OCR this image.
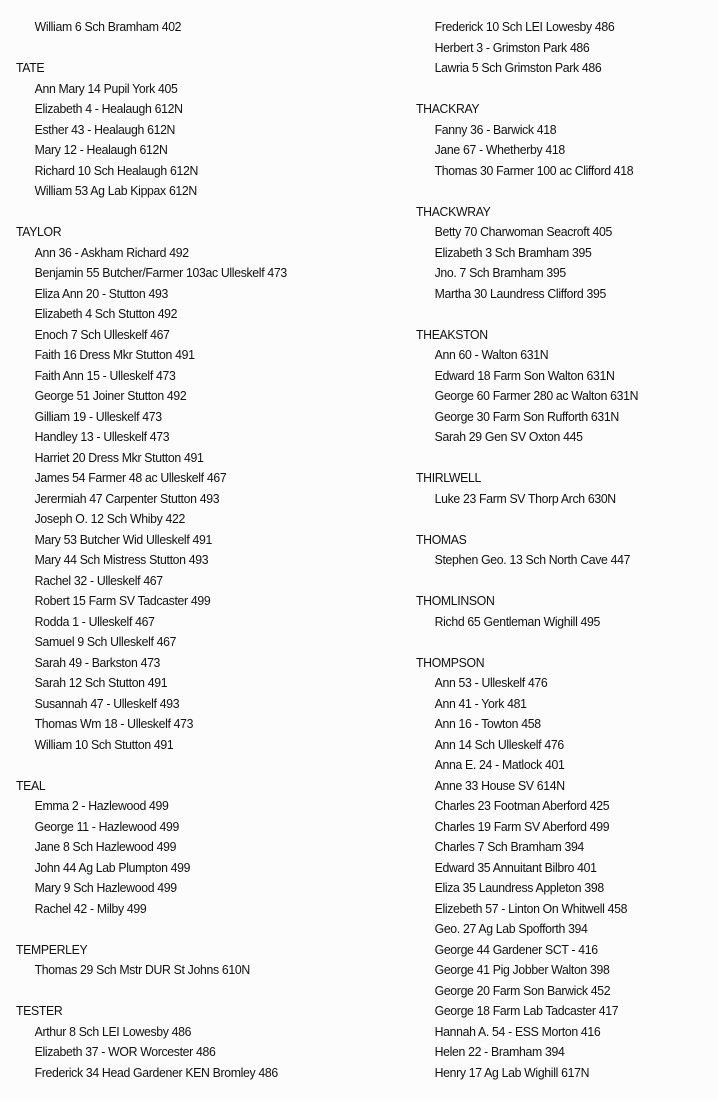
William 6 Sch Bramham 402
TATE
Ann Mary 14 Pupil York 405
Elizabeth 4 - Healaugh 612N
Esther 43 - Healaugh 612N
Mary 12 - Healaugh 612N
Richard 10 Sch Healaugh 612N
William 53 Ag Lab Kippax 612N
TAYLOR
Ann 36 - Askham Richard 492
Benjamin 55 Butcher/Farmer 103ac Ulleskelf 473
Eliza Ann 20 - Stutton 493
Elizabeth 4 Sch Stutton 492
Enoch 7 Sch Ulleskelf 467
Faith 16 Dress Mkr Stutton 491
Faith Ann 15 - Ulleskelf 473
George 51 Joiner Stutton 492
Gilliam 19 - Ulleskelf 473
Handley 13 - Ulleskelf 473
Harriet 20 Dress Mkr Stutton 491
James 54 Farmer 48 ac Ulleskelf 467
Jerermiah 47 Carpenter Stutton 493
Joseph O. 12 Sch Whiby 422
Mary 53 Butcher Wid Ulleskelf 491
Mary 44 Sch Mistress Stutton 493
Rachel 32 - Ulleskelf 467
Robert 15 Farm SV Tadcaster 499
Rodda 1 - Ulleskelf 467
Samuel 9 Sch Ulleskelf 467
Sarah 49 - Barkston 473
Sarah 12 Sch Stutton 491
Susannah 47 - Ulleskelf 493
Thomas Wm 18 - Ulleskelf 473
William 10 Sch Stutton 491
TEAL
Emma 2 - Hazlewood 499
George 11 - Hazlewood 499
Jane 8 Sch Hazlewood 499
John 44 Ag Lab Plumpton 499
Mary 9 Sch Hazlewood 499
Rachel 42 - Milby 499
TEMPERLEY
Thomas 29 Sch Mstr DUR St Johns 610N
TESTER
Arthur 8 Sch LEI Lowesby 486
Elizabeth 37 - WOR Worcester 486
Frederick 34 Head Gardener KEN Bromley 486
Frederick 10 Sch LEI Lowesby 486
Herbert 3 - Grimston Park 486
Lawria 5 Sch Grimston Park 486
THACKRAY
Fanny 36 - Barwick 418
Jane 67 - Whetherby 418
Thomas 30 Farmer 100 ac Clifford 418
THACKWRAY
Betty 70 Charwoman Seacroft 405
Elizabeth 3 Sch Bramham 395
Jno. 7 Sch Bramham 395
Martha 30 Laundress Clifford 395
THEAKSTON
Ann 60 - Walton 631N
Edward 18 Farm Son Walton 631N
George 60 Farmer 280 ac Walton 631N
George 30 Farm Son Rufforth 631N
Sarah 29 Gen SV Oxton 445
THIRLWELL
Luke 23 Farm SV Thorp Arch 630N
THOMAS
Stephen Geo. 13 Sch North Cave 447
THOMLINSON
Richd 65 Gentleman Wighill 495
THOMPSON
Ann 53 - Ulleskelf 476
Ann 41 - York 481
Ann 16 - Towton 458
Ann 14 Sch Ulleskelf 476
Anna E. 24 - Matlock 401
Anne 33 House SV 614N
Charles 23 Footman Aberford 425
Charles 19 Farm SV Aberford 499
Charles 7 Sch Bramham 394
Edward 35 Annuitant Bilbro 401
Eliza 35 Laundress Appleton 398
Elizebeth 57 - Linton On Whitwell 458
Geo. 27 Ag Lab Spofforth 394
George 44 Gardener SCT - 416
George 41 Pig Jobber Walton 398
George 20 Farm Son Barwick 452
George 18 Farm Lab Tadcaster 417
Hannah A. 54 - ESS Morton 416
Helen 22 - Bramham 394
Henry 17 Ag Lab Wighill 617N
